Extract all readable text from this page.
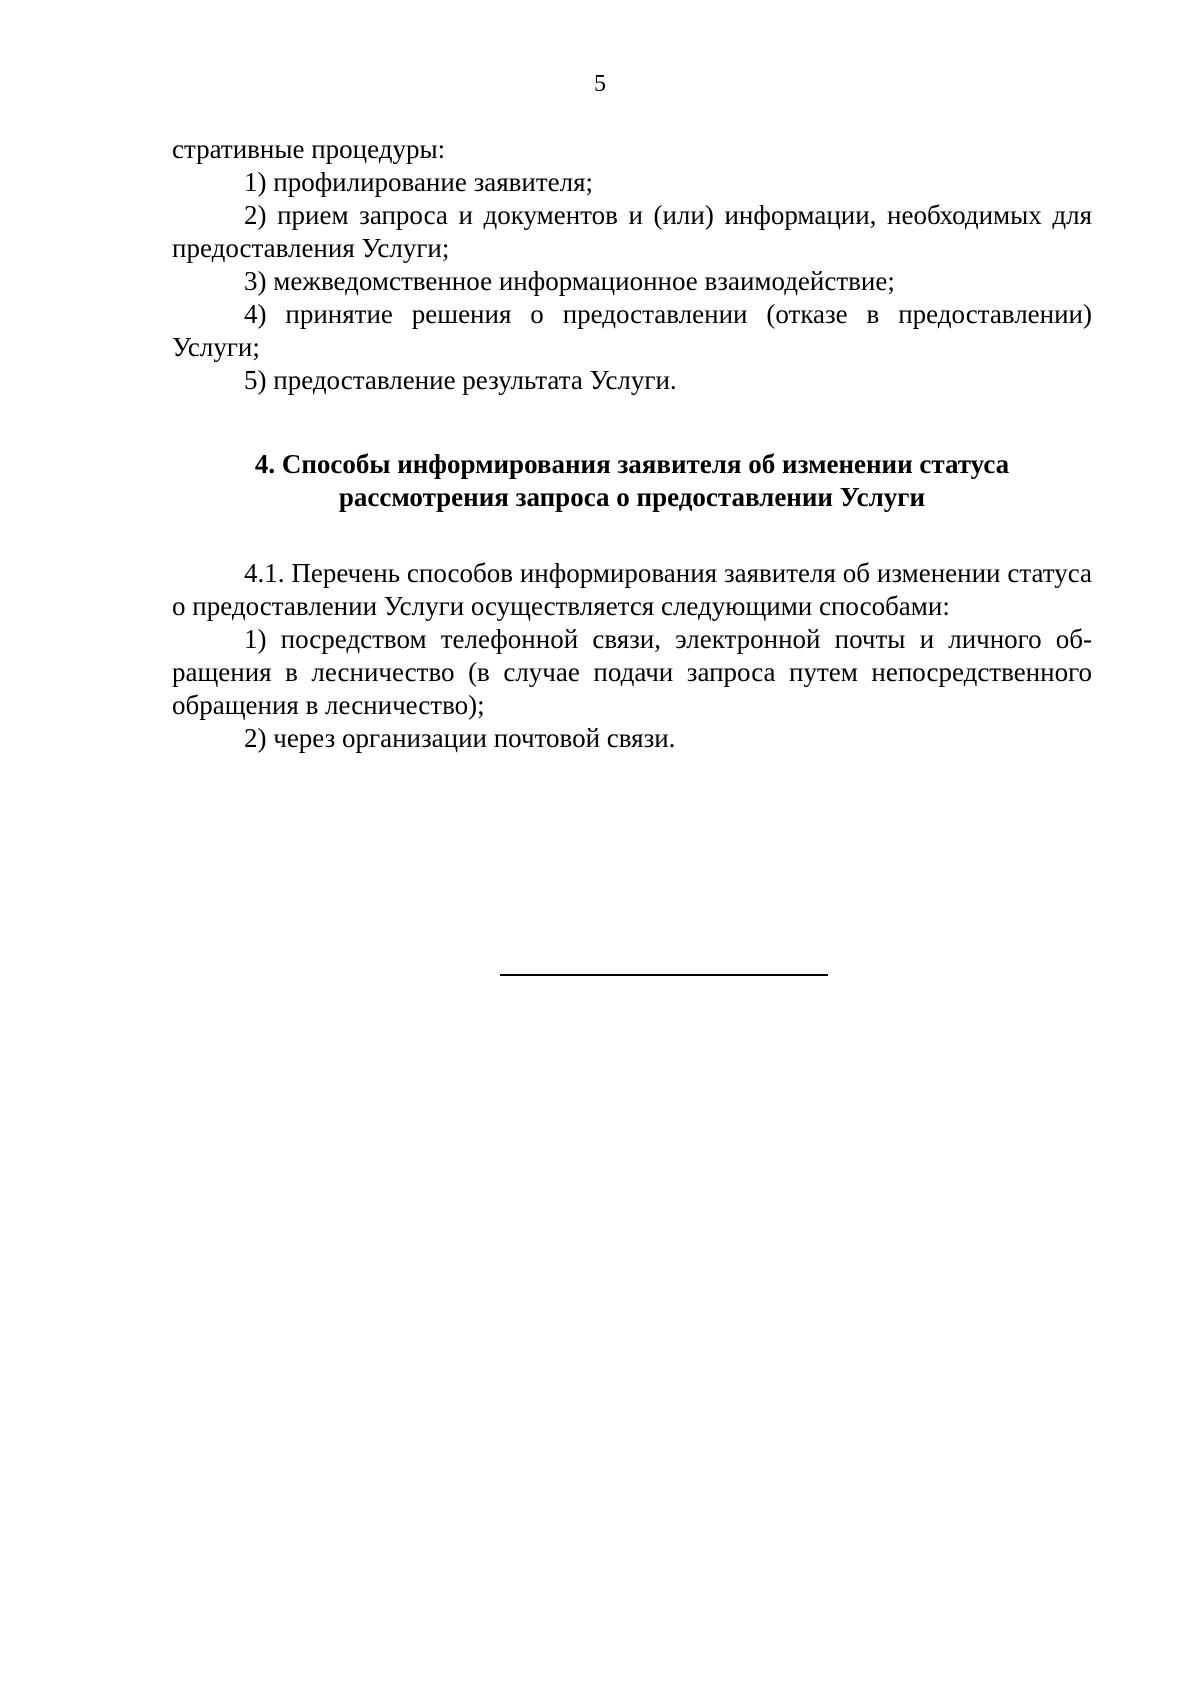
5

стративные процедуры:

1) профилирование заявителя;

2) прием запроса и документов и (или) информации, необходимых для предоставления Услуги;

3) межведомственное информационное взаимодействие;

4) принятие решения о предоставлении (отказе в предоставлении) Услуги;

5) предоставление результата Услуги.

4. Способы информирования заявителя об изменении статуса
рассмотрения запроса о предоставлении Услуги

4.1. Перечень способов информирования заявителя об изменении статуса о предоставлении Услуги осуществляется следующими способами:

1) посредством телефонной связи, электронной почты и личного об-ращения в лесничество (в случае подачи запроса путем непосредственного обращения в лесничество);

2) через организации почтовой связи.
